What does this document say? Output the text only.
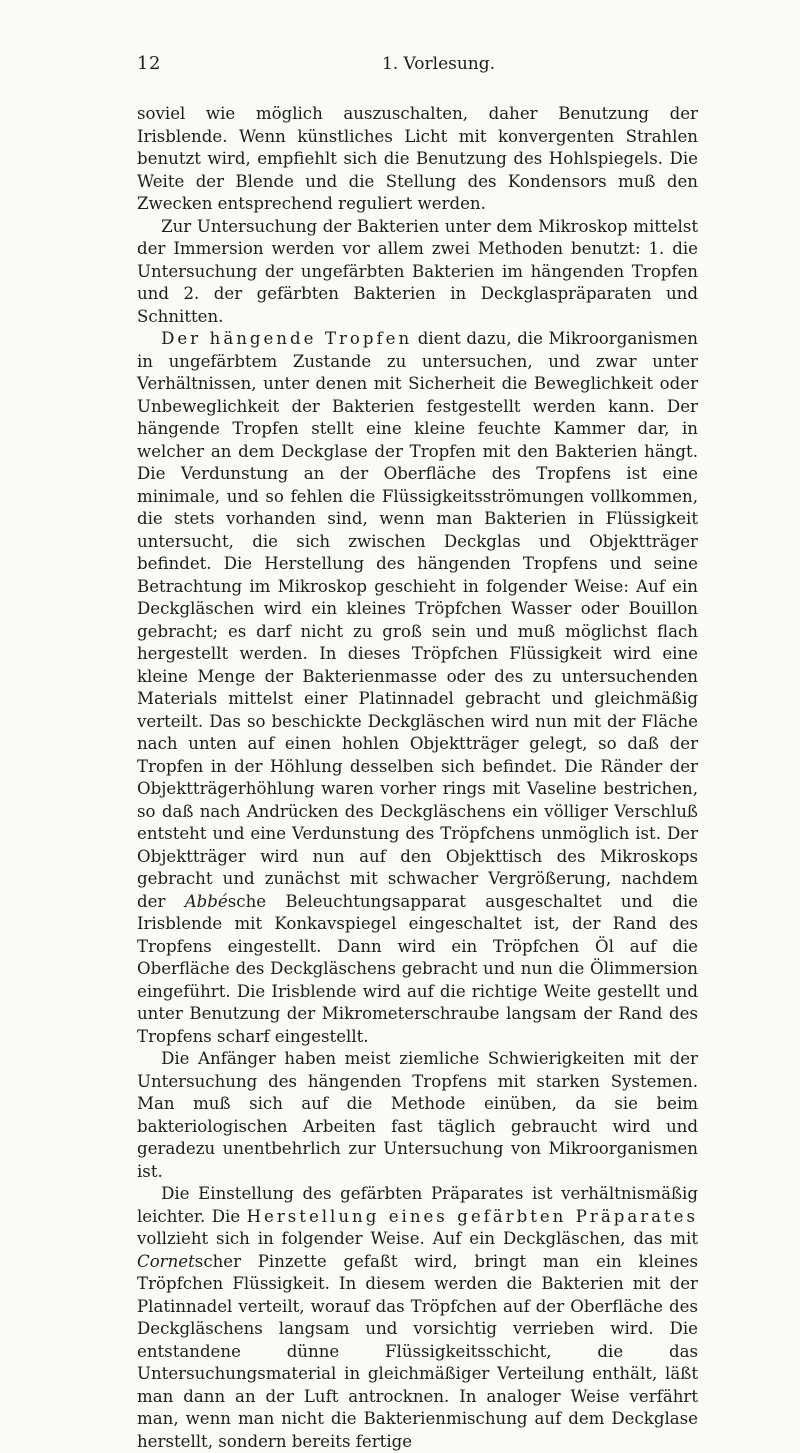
12	1. Vorlesung.

soviel wie möglich auszuschalten, daher Benutzung der Irisblende. Wenn künstliches Licht mit konvergenten Strahlen benutzt wird, empfiehlt sich die Benutzung des Hohlspiegels. Die Weite der Blende und die Stellung des Kondensors muß den Zwecken entsprechend reguliert werden.

Zur Untersuchung der Bakterien unter dem Mikroskop mittelst der Immersion werden vor allem zwei Methoden benutzt: 1. die Untersuchung der ungefärbten Bakterien im hängenden Tropfen und 2. der gefärbten Bakterien in Deckglaspräparaten und Schnitten.

Der hängende Tropfen dient dazu, die Mikroorganismen in ungefärbtem Zustande zu untersuchen, und zwar unter Verhältnissen, unter denen mit Sicherheit die Beweglichkeit oder Unbeweglichkeit der Bakterien festgestellt werden kann. Der hängende Tropfen stellt eine kleine feuchte Kammer dar, in welcher an dem Deckglase der Tropfen mit den Bakterien hängt. Die Verdunstung an der Oberfläche des Tropfens ist eine minimale, und so fehlen die Flüssigkeitsströmungen vollkommen, die stets vorhanden sind, wenn man Bakterien in Flüssigkeit untersucht, die sich zwischen Deckglas und Objektträger befindet. Die Herstellung des hängenden Tropfens und seine Betrachtung im Mikroskop geschieht in folgender Weise: Auf ein Deckgläschen wird ein kleines Tröpfchen Wasser oder Bouillon gebracht; es darf nicht zu groß sein und muß möglichst flach hergestellt werden. In dieses Tröpfchen Flüssigkeit wird eine kleine Menge der Bakterienmasse oder des zu untersuchenden Materials mittelst einer Platinnadel gebracht und gleichmäßig verteilt. Das so beschickte Deckgläschen wird nun mit der Fläche nach unten auf einen hohlen Objektträger gelegt, so daß der Tropfen in der Höhlung desselben sich befindet. Die Ränder der Objektträgerhöhlung waren vorher rings mit Vaseline bestrichen, so daß nach Andrücken des Deckgläschens ein völliger Verschluß entsteht und eine Verdunstung des Tröpfchens unmöglich ist. Der Objektträger wird nun auf den Objekttisch des Mikroskops gebracht und zunächst mit schwacher Vergrößerung, nachdem der Abbésche Beleuchtungsapparat ausgeschaltet und die Irisblende mit Konkavspiegel eingeschaltet ist, der Rand des Tropfens eingestellt. Dann wird ein Tröpfchen Öl auf die Oberfläche des Deckgläschens gebracht und nun die Ölimmersion eingeführt. Die Irisblende wird auf die richtige Weite gestellt und unter Benutzung der Mikrometerschraube langsam der Rand des Tropfens scharf eingestellt.

Die Anfänger haben meist ziemliche Schwierigkeiten mit der Untersuchung des hängenden Tropfens mit starken Systemen. Man muß sich auf die Methode einüben, da sie beim bakteriologischen Arbeiten fast täglich gebraucht wird und geradezu unentbehrlich zur Untersuchung von Mikroorganismen ist.

Die Einstellung des gefärbten Präparates ist verhältnismäßig leichter. Die Herstellung eines gefärbten Präparates vollzieht sich in folgender Weise. Auf ein Deckgläschen, das mit Cornetscher Pinzette gefaßt wird, bringt man ein kleines Tröpfchen Flüssigkeit. In diesem werden die Bakterien mit der Platinnadel verteilt, worauf das Tröpfchen auf der Oberfläche des Deckgläschens langsam und vorsichtig verrieben wird. Die entstandene dünne Flüssigkeitsschicht, die das Untersuchungsmaterial in gleichmäßiger Verteilung enthält, läßt man dann an der Luft antrocknen. In analoger Weise verfährt man, wenn man nicht die Bakterienmischung auf dem Deckglase herstellt, sondern bereits fertige
